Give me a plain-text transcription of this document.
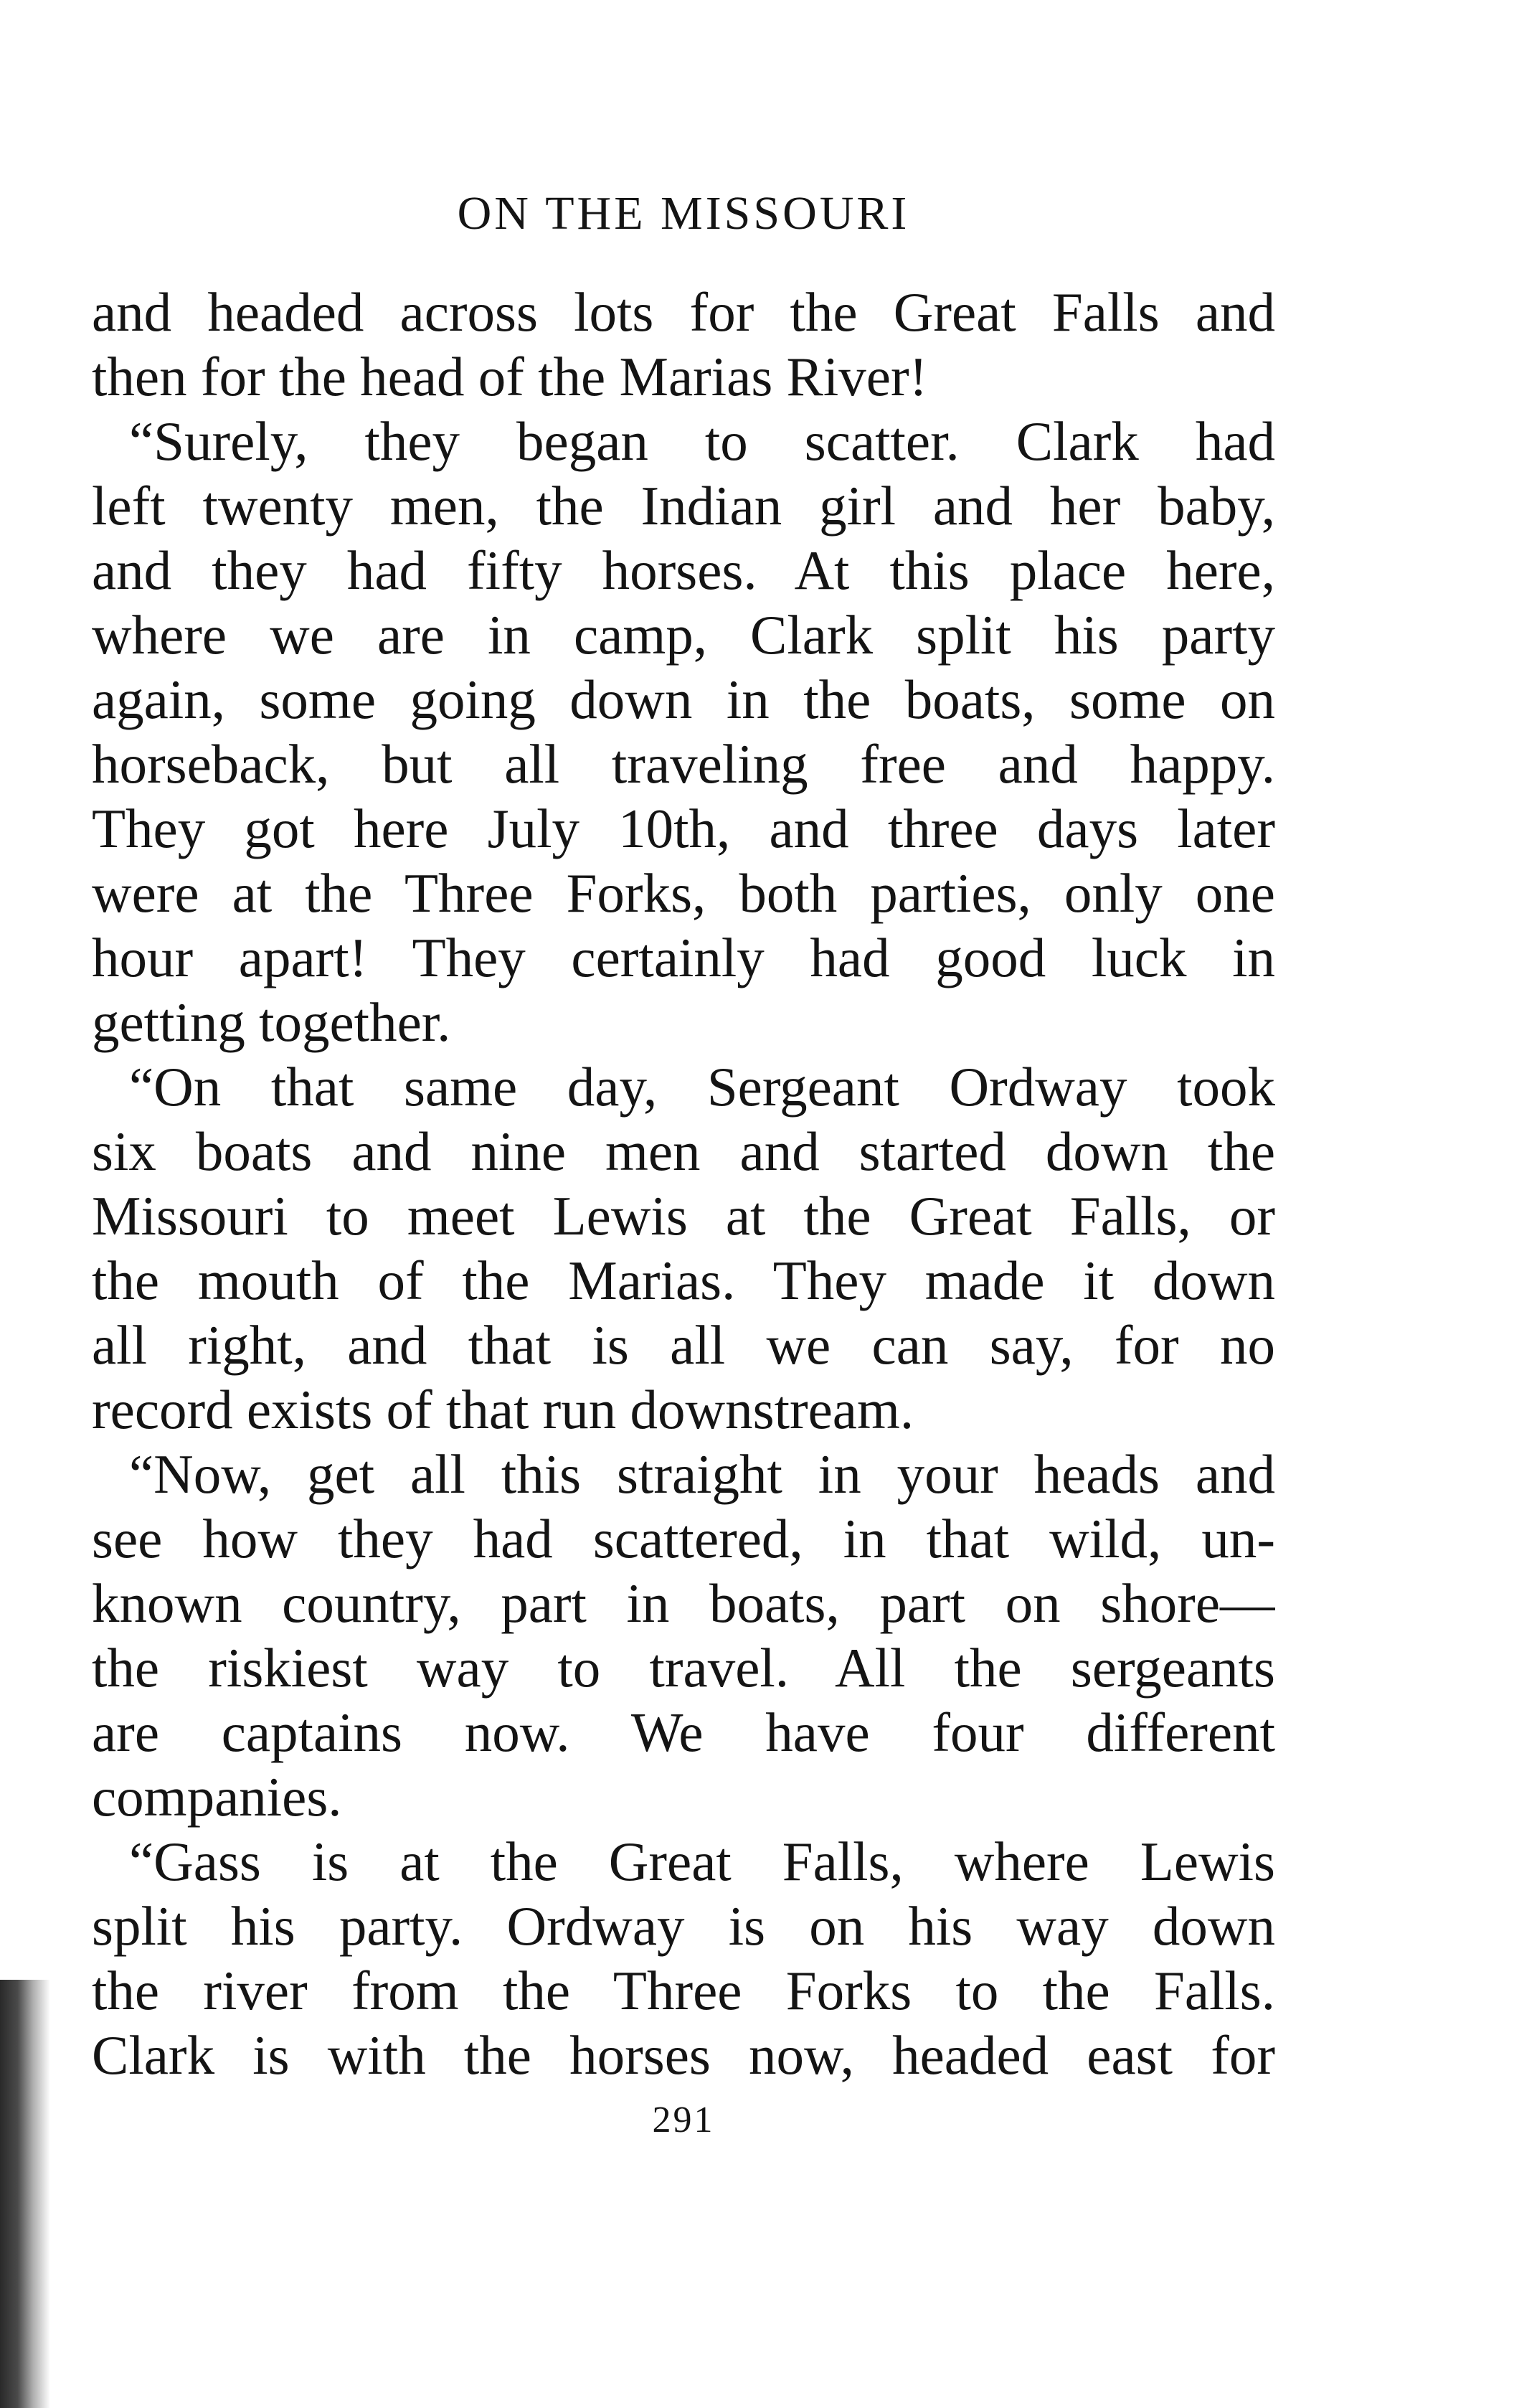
ON THE MISSOURI
and headed across lots for the Great Falls and
then for the head of the Marias River!
“Surely, they began to scatter. Clark had
left twenty men, the Indian girl and her baby,
and they had fifty horses. At this place here,
where we are in camp, Clark split his party
again, some going down in the boats, some on
horseback, but all traveling free and happy.
They got here July 10th, and three days later
were at the Three Forks, both parties, only one
hour apart! They certainly had good luck in
getting together.
“On that same day, Sergeant Ordway took
six boats and nine men and started down the
Missouri to meet Lewis at the Great Falls, or
the mouth of the Marias. They made it down
all right, and that is all we can say, for no
record exists of that run downstream.
“Now, get all this straight in your heads and
see how they had scattered, in that wild, un-
known country, part in boats, part on shore—
the riskiest way to travel. All the sergeants
are captains now. We have four different
companies.
“Gass is at the Great Falls, where Lewis
split his party. Ordway is on his way down
the river from the Three Forks to the Falls.
Clark is with the horses now, headed east for
291
